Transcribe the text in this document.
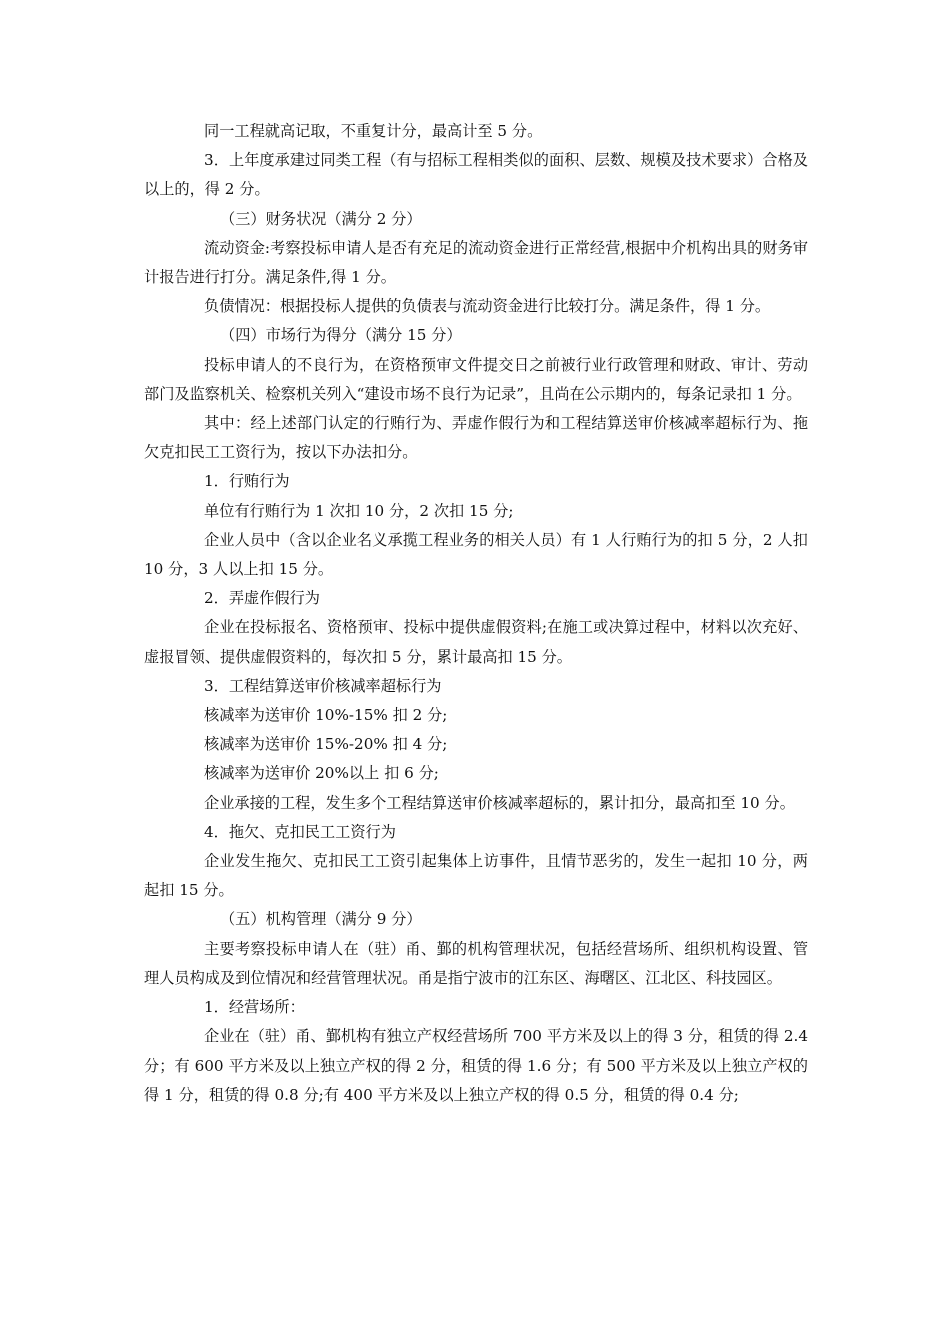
同一工程就高记取，不重复计分，最高计至 5 分。

3．上年度承建过同类工程（有与招标工程相类似的面积、层数、规模及技术要求）合格及以上的，得 2 分。

（三）财务状况（满分 2 分）

流动资金:考察投标申请人是否有充足的流动资金进行正常经营,根据中介机构出具的财务审计报告进行打分。满足条件,得 1 分。

负债情况：根据投标人提供的负债表与流动资金进行比较打分。满足条件，得 1 分。

（四）市场行为得分（满分 15 分）

投标申请人的不良行为，在资格预审文件提交日之前被行业行政管理和财政、审计、劳动部门及监察机关、检察机关列入“建设市场不良行为记录”，且尚在公示期内的，每条记录扣 1 分。

其中：经上述部门认定的行贿行为、弄虚作假行为和工程结算送审价核减率超标行为、拖欠克扣民工工资行为，按以下办法扣分。

1．行贿行为

单位有行贿行为 1 次扣 10 分，2 次扣 15 分;

企业人员中（含以企业名义承揽工程业务的相关人员）有 1 人行贿行为的扣 5 分，2 人扣 10 分，3 人以上扣 15 分。

2．弄虚作假行为

企业在投标报名、资格预审、投标中提供虚假资料;在施工或决算过程中，材料以次充好、虚报冒领、提供虚假资料的，每次扣 5 分，累计最高扣 15 分。

3．工程结算送审价核减率超标行为

核减率为送审价 10%-15% 扣 2 分;

核减率为送审价 15%-20% 扣 4 分;

核减率为送审价 20%以上 扣 6 分;

企业承接的工程，发生多个工程结算送审价核减率超标的，累计扣分，最高扣至 10 分。

4．拖欠、克扣民工工资行为

企业发生拖欠、克扣民工工资引起集体上访事件，且情节恶劣的，发生一起扣 10 分，两起扣 15 分。

（五）机构管理（满分 9 分）

主要考察投标申请人在（驻）甬、鄞的机构管理状况，包括经营场所、组织机构设置、管理人员构成及到位情况和经营管理状况。甬是指宁波市的江东区、海曙区、江北区、科技园区。

1．经营场所：

企业在（驻）甬、鄞机构有独立产权经营场所 700 平方米及以上的得 3 分，租赁的得 2.4 分；有 600 平方米及以上独立产权的得 2 分，租赁的得 1.6 分；有 500 平方米及以上独立产权的得 1 分，租赁的得 0.8 分;有 400 平方米及以上独立产权的得 0.5 分，租赁的得 0.4 分;
